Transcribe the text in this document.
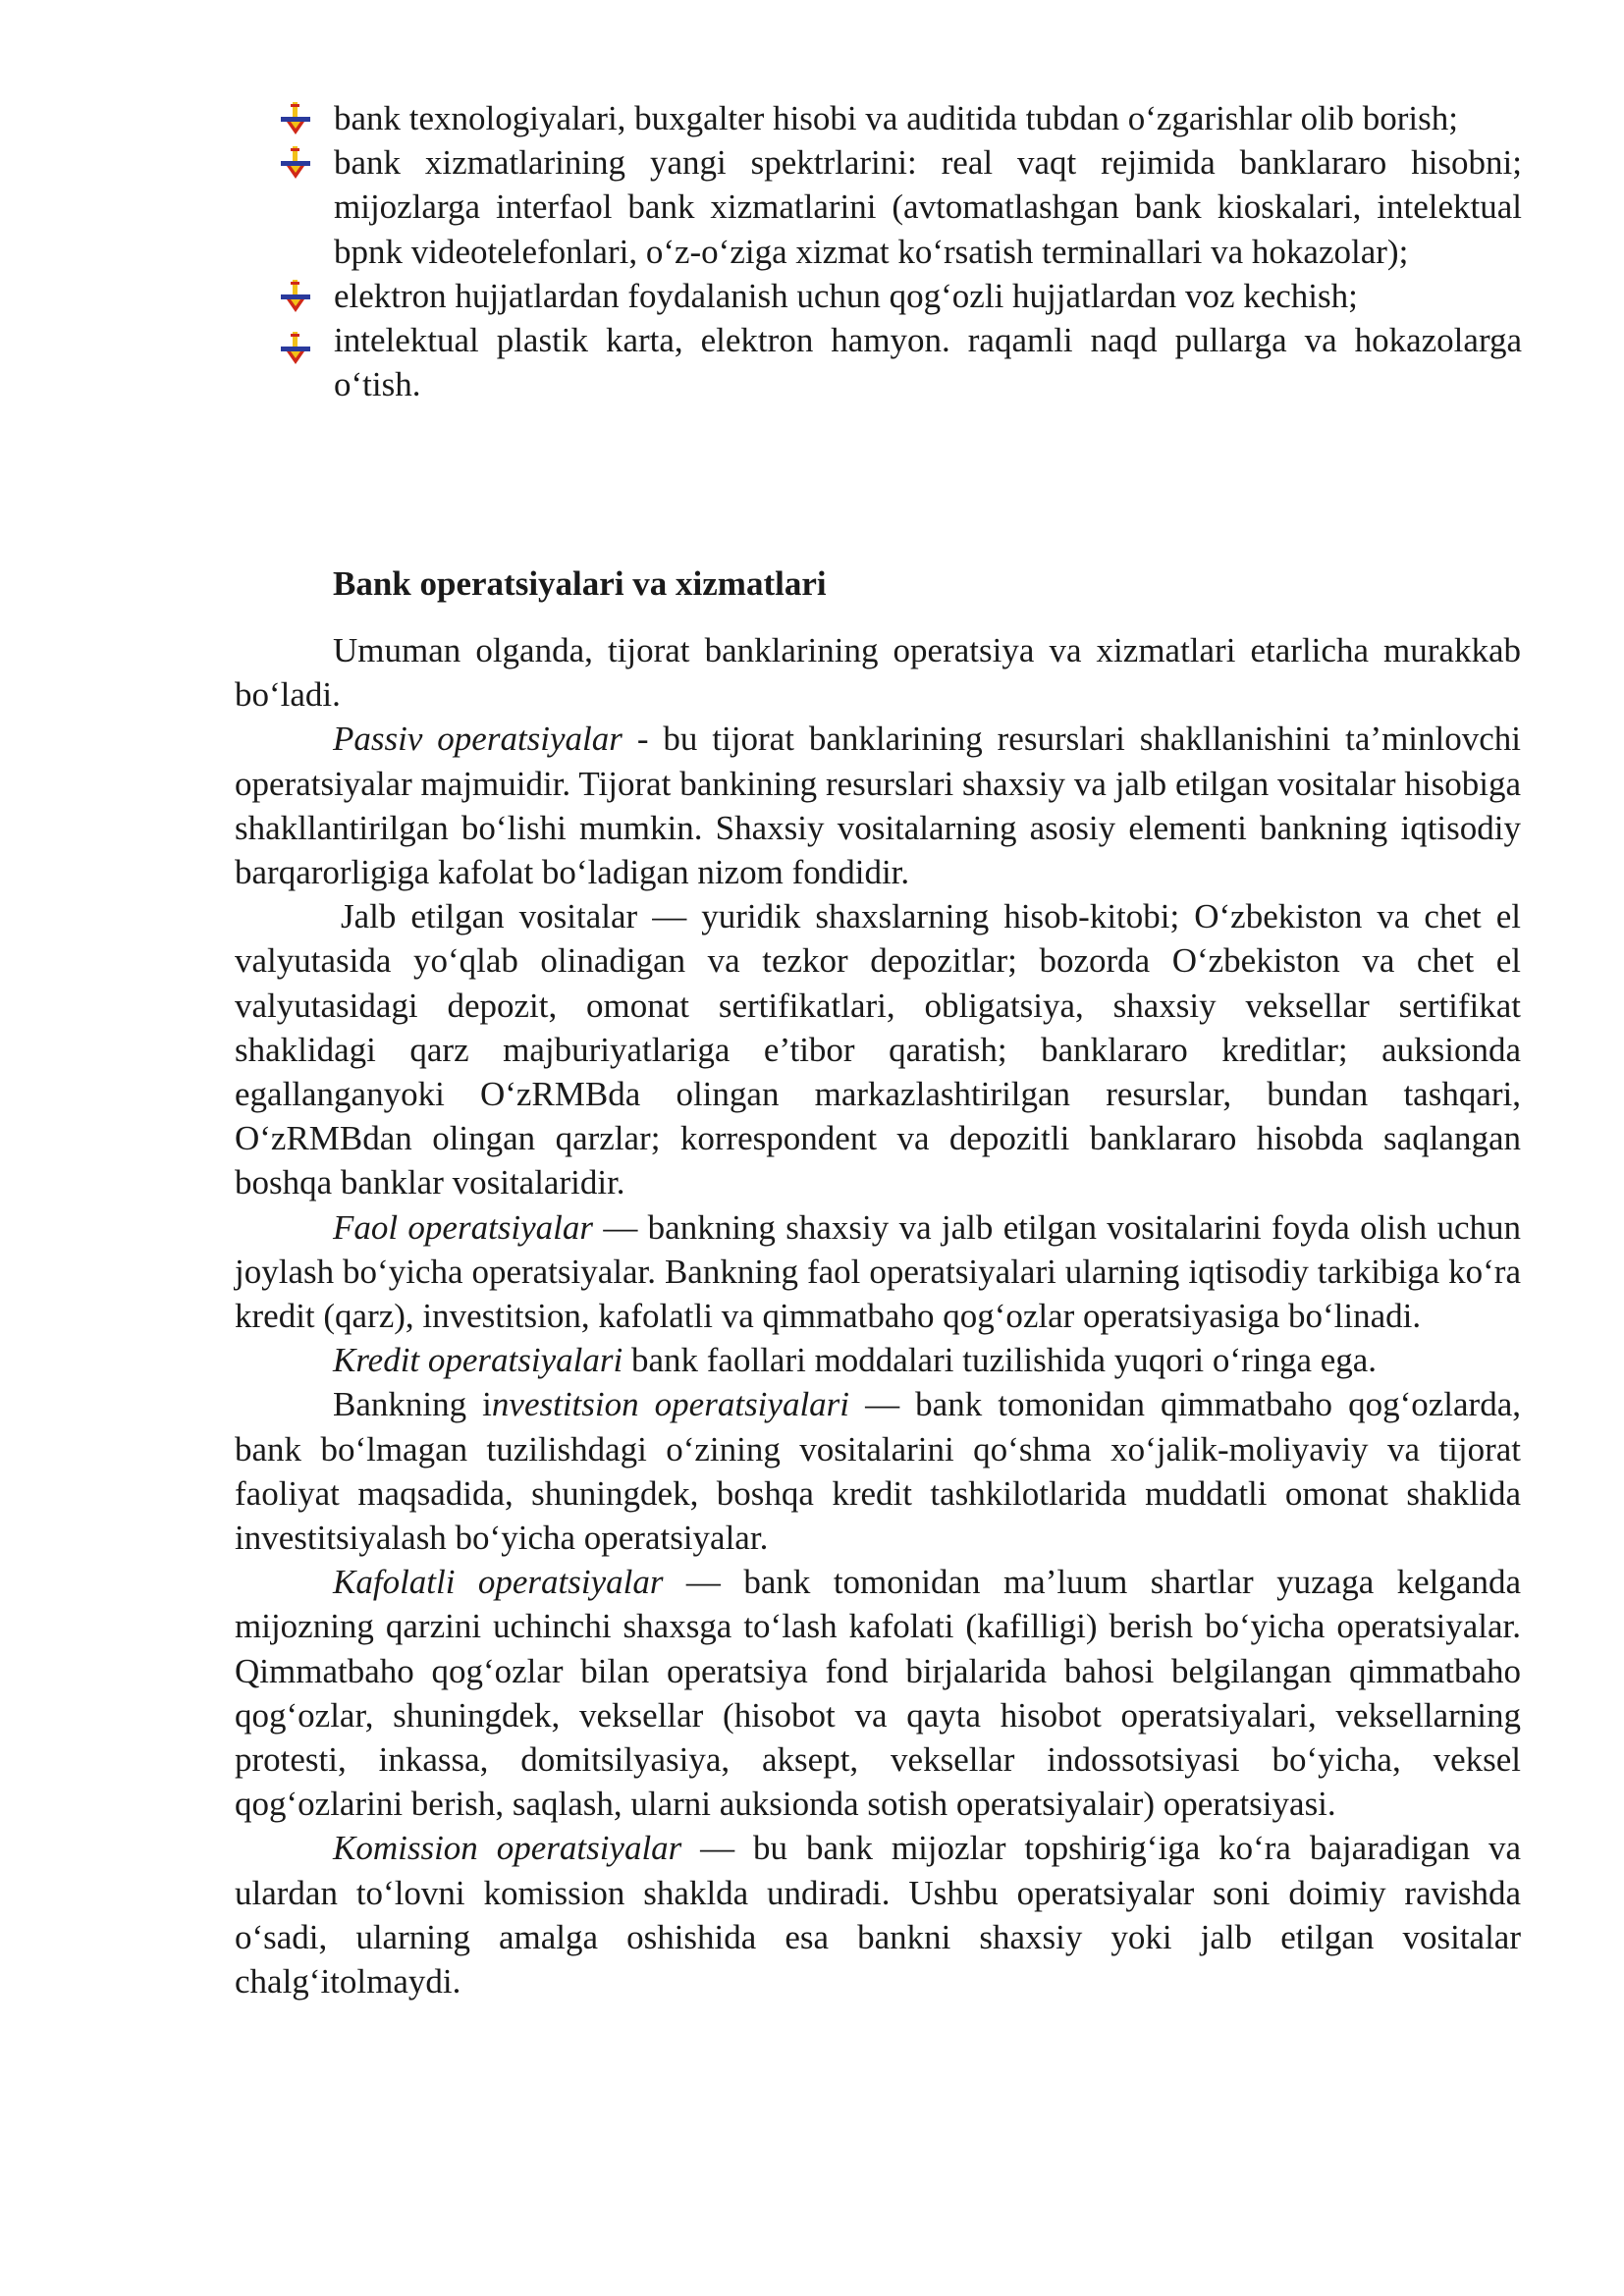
bank texnologiyalari, buxgalter hisobi va auditida tubdan o‘zgarishlar olib borish;
bank xizmatlarining yangi spektrlarini: real vaqt rejimida banklararo hisobni; mijozlarga interfaol bank xizmatlarini (avtomatlashgan bank kioskalari, intelektual bpnk videotelefonlari, o‘z-o‘ziga xizmat ko‘rsatish terminallari va hokazolar);
elektron hujjatlardan foydalanish uchun qog‘ozli hujjatlardan voz kechish;
intelektual plastik karta, elektron hamyon. raqamli naqd pullarga va hokazolarga o‘tish.
Bank operatsiyalari va xizmatlari

Umuman olganda, tijorat banklarining operatsiya va xizmatlari etarlicha murakkab bo‘ladi.

Passiv operatsiyalar - bu tijorat banklarining resurslari shakllanishini ta’minlovchi operatsiyalar majmuidir. Tijorat bankining resurslari shaxsiy va jalb etilgan vositalar hisobiga shakllantirilgan bo‘lishi mumkin. Shaxsiy vositalarning asosiy elementi bankning iqtisodiy barqarorligiga kafolat bo‘ladigan nizom fondidir.

Jalb etilgan vositalar — yuridik shaxslarning hisob-kitobi; O‘zbekiston va chet el valyutasida yo‘qlab olinadigan va tezkor depozitlar; bozorda O‘zbekiston va chet el valyutasidagi depozit, omonat sertifikatlari, obligatsiya, shaxsiy veksellar sertifikat shaklidagi qarz majburiyatlariga e’tibor qaratish; banklararo kreditlar; auksionda egallanganyoki O‘zRMBda olingan markazlashtirilgan resurslar, bundan tashqari, O‘zRMBdan olingan qarzlar; korrespondent va depozitli banklararo hisobda saqlangan boshqa banklar vositalaridir.

Faol operatsiyalar — bankning shaxsiy va jalb etilgan vositalarini foyda olish uchun joylash bo‘yicha operatsiyalar. Bankning faol operatsiyalari ularning iqtisodiy tarkibiga ko‘ra kredit (qarz), investitsion, kafolatli va qimmatbaho qog‘ozlar operatsiyasiga bo‘linadi.

Kredit operatsiyalari bank faollari moddalari tuzilishida yuqori o‘ringa ega.

Bankning investitsion operatsiyalari — bank tomonidan qimmatbaho qog‘ozlarda, bank bo‘lmagan tuzilishdagi o‘zining vositalarini qo‘shma xo‘jalik-moliyaviy va tijorat faoliyat maqsadida, shuningdek, boshqa kredit tashkilotlarida muddatli omonat shaklida investitsiyalash bo‘yicha operatsiyalar.

Kafolatli operatsiyalar — bank tomonidan ma’luum shartlar yuzaga kelganda mijozning qarzini uchinchi shaxsga to‘lash kafolati (kafilligi) berish bo‘yicha operatsiyalar. Qimmatbaho qog‘ozlar bilan operatsiya fond birjalarida bahosi belgilangan qimmatbaho qog‘ozlar, shuningdek, veksellar (hisobot va qayta hisobot operatsiyalari, veksellarning protesti, inkassa, domitsilyasiya, aksept, veksellar indossotsiyasi bo‘yicha, veksel qog‘ozlarini berish, saqlash, ularni auksionda sotish operatsiyalair) operatsiyasi.

Komission operatsiyalar — bu bank mijozlar topshirig‘iga ko‘ra bajaradigan va ulardan to‘lovni komission shaklda undiradi. Ushbu operatsiyalar soni doimiy ravishda o‘sadi, ularning amalga oshishida esa bankni shaxsiy yoki jalb etilgan vositalar chalg‘itolmaydi.
